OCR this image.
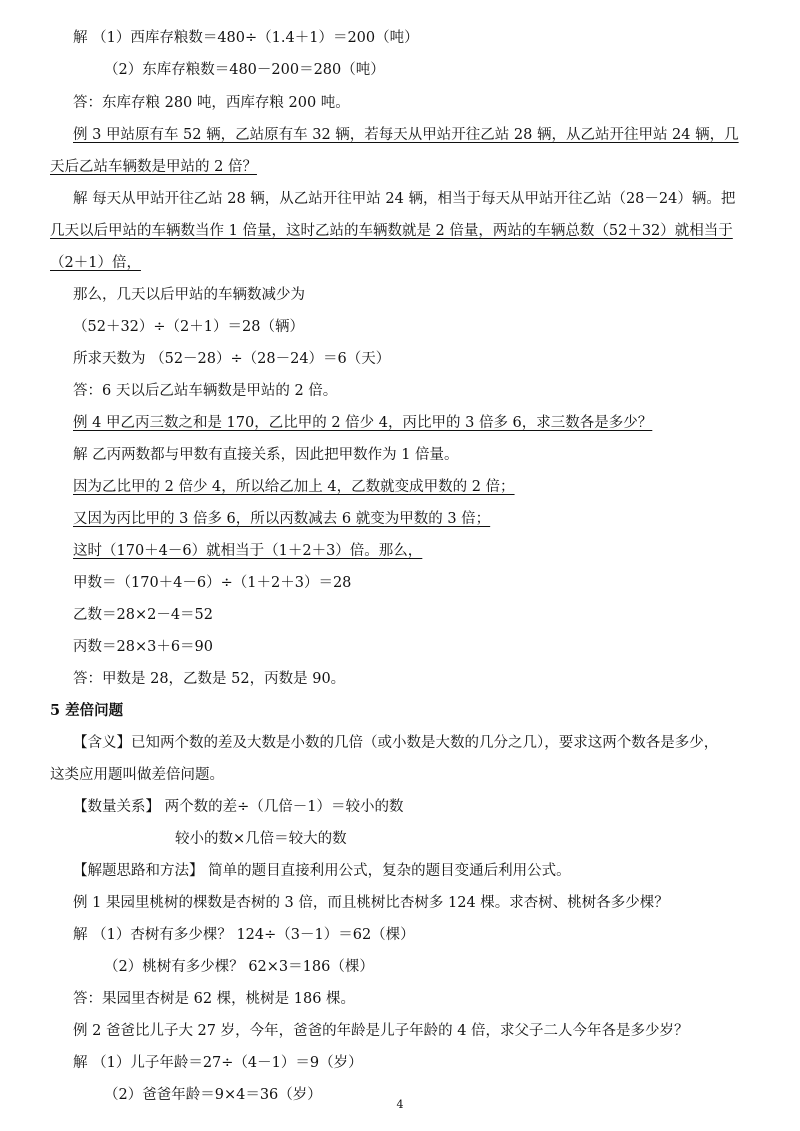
解 （1）西库存粮数＝480÷（1.4＋1）＝200（吨）
（2）东库存粮数＝480－200＝280（吨）
答：东库存粮 280 吨，西库存粮 200 吨。
例 3 甲站原有车 52 辆，乙站原有车 32 辆，若每天从甲站开往乙站 28 辆，从乙站开往甲站 24 辆，几
天后乙站车辆数是甲站的 2 倍？
解 每天从甲站开往乙站 28 辆，从乙站开往甲站 24 辆，相当于每天从甲站开往乙站（28－24）辆。把
几天以后甲站的车辆数当作 1 倍量，这时乙站的车辆数就是 2 倍量，两站的车辆总数（52＋32）就相当于
（2＋1）倍，
那么，几天以后甲站的车辆数减少为
（52＋32）÷（2＋1）＝28（辆）
所求天数为 （52－28）÷（28－24）＝6（天）
答：6 天以后乙站车辆数是甲站的 2 倍。
例 4 甲乙丙三数之和是 170，乙比甲的 2 倍少 4，丙比甲的 3 倍多 6，求三数各是多少？
解 乙丙两数都与甲数有直接关系，因此把甲数作为 1 倍量。
因为乙比甲的 2 倍少 4，所以给乙加上 4，乙数就变成甲数的 2 倍；
又因为丙比甲的 3 倍多 6，所以丙数减去 6 就变为甲数的 3 倍；
这时（170＋4－6）就相当于（1＋2＋3）倍。那么，
甲数＝（170＋4－6）÷（1＋2＋3）＝28
乙数＝28×2－4＝52
丙数＝28×3＋6＝90
答：甲数是 28，乙数是 52，丙数是 90。
5 差倍问题
【含义】已知两个数的差及大数是小数的几倍（或小数是大数的几分之几），要求这两个数各是多少，
这类应用题叫做差倍问题。
【数量关系】 两个数的差÷（几倍－1）＝较小的数
较小的数×几倍＝较大的数
【解题思路和方法】 简单的题目直接利用公式，复杂的题目变通后利用公式。
例 1 果园里桃树的棵数是杏树的 3 倍，而且桃树比杏树多 124 棵。求杏树、桃树各多少棵？
解 （1）杏树有多少棵？ 124÷（3－1）＝62（棵）
（2）桃树有多少棵？ 62×3＝186（棵）
答：果园里杏树是 62 棵，桃树是 186 棵。
例 2 爸爸比儿子大 27 岁，今年，爸爸的年龄是儿子年龄的 4 倍，求父子二人今年各是多少岁？
解 （1）儿子年龄＝27÷（4－1）＝9（岁）
（2）爸爸年龄＝9×4＝36（岁）
4
